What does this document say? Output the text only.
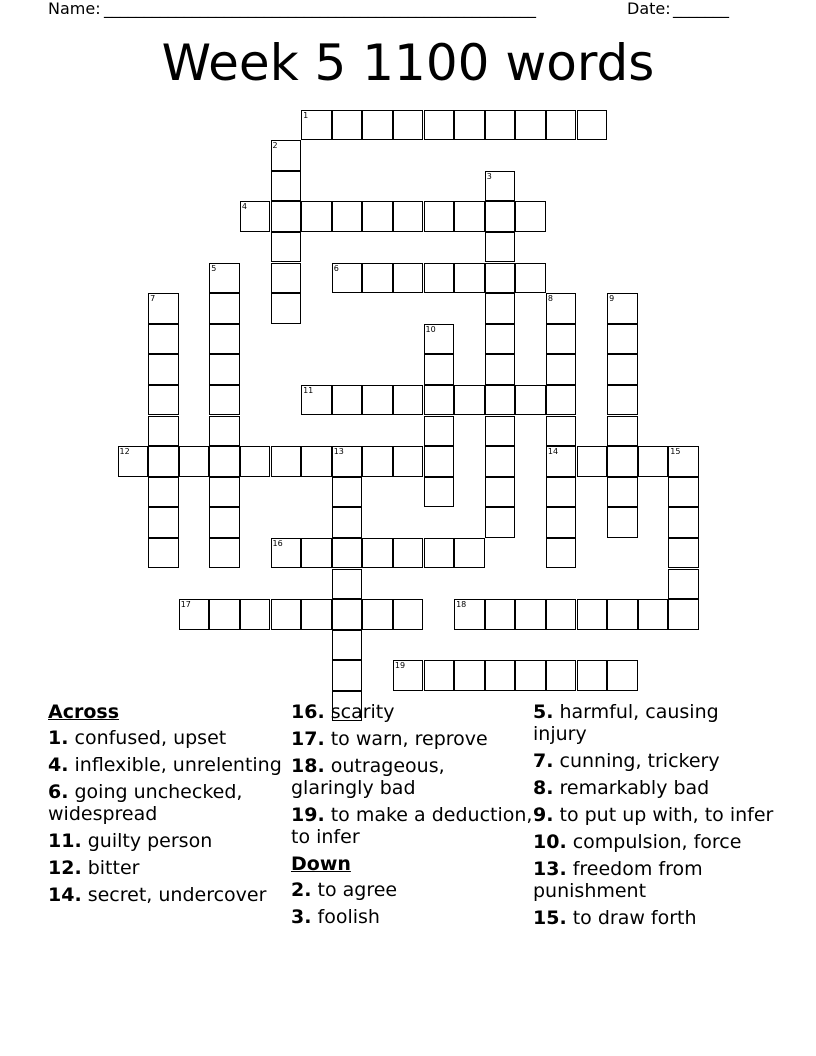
Name: ______________________________________________________	Date: _______
Week 5 1100 words
1
2
3
4
5	6
7	8
14
9
10
11
12	13	15
16
17	18
19
Across
1. confused, upset
4. inflexible, unrelenting
6. going unchecked, widespread
11. guilty person
12. bitter
14. secret, undercover
16. scarity
17. to warn, reprove
18. outrageous, glaringly bad
19. to make a deduction, to infer
Down
2. to agree
3. foolish
5. harmful, causing injury
7. cunning, trickery
8. remarkably bad
9. to put up with, to infer
10. compulsion, force
13. freedom from punishment
15. to draw forth
